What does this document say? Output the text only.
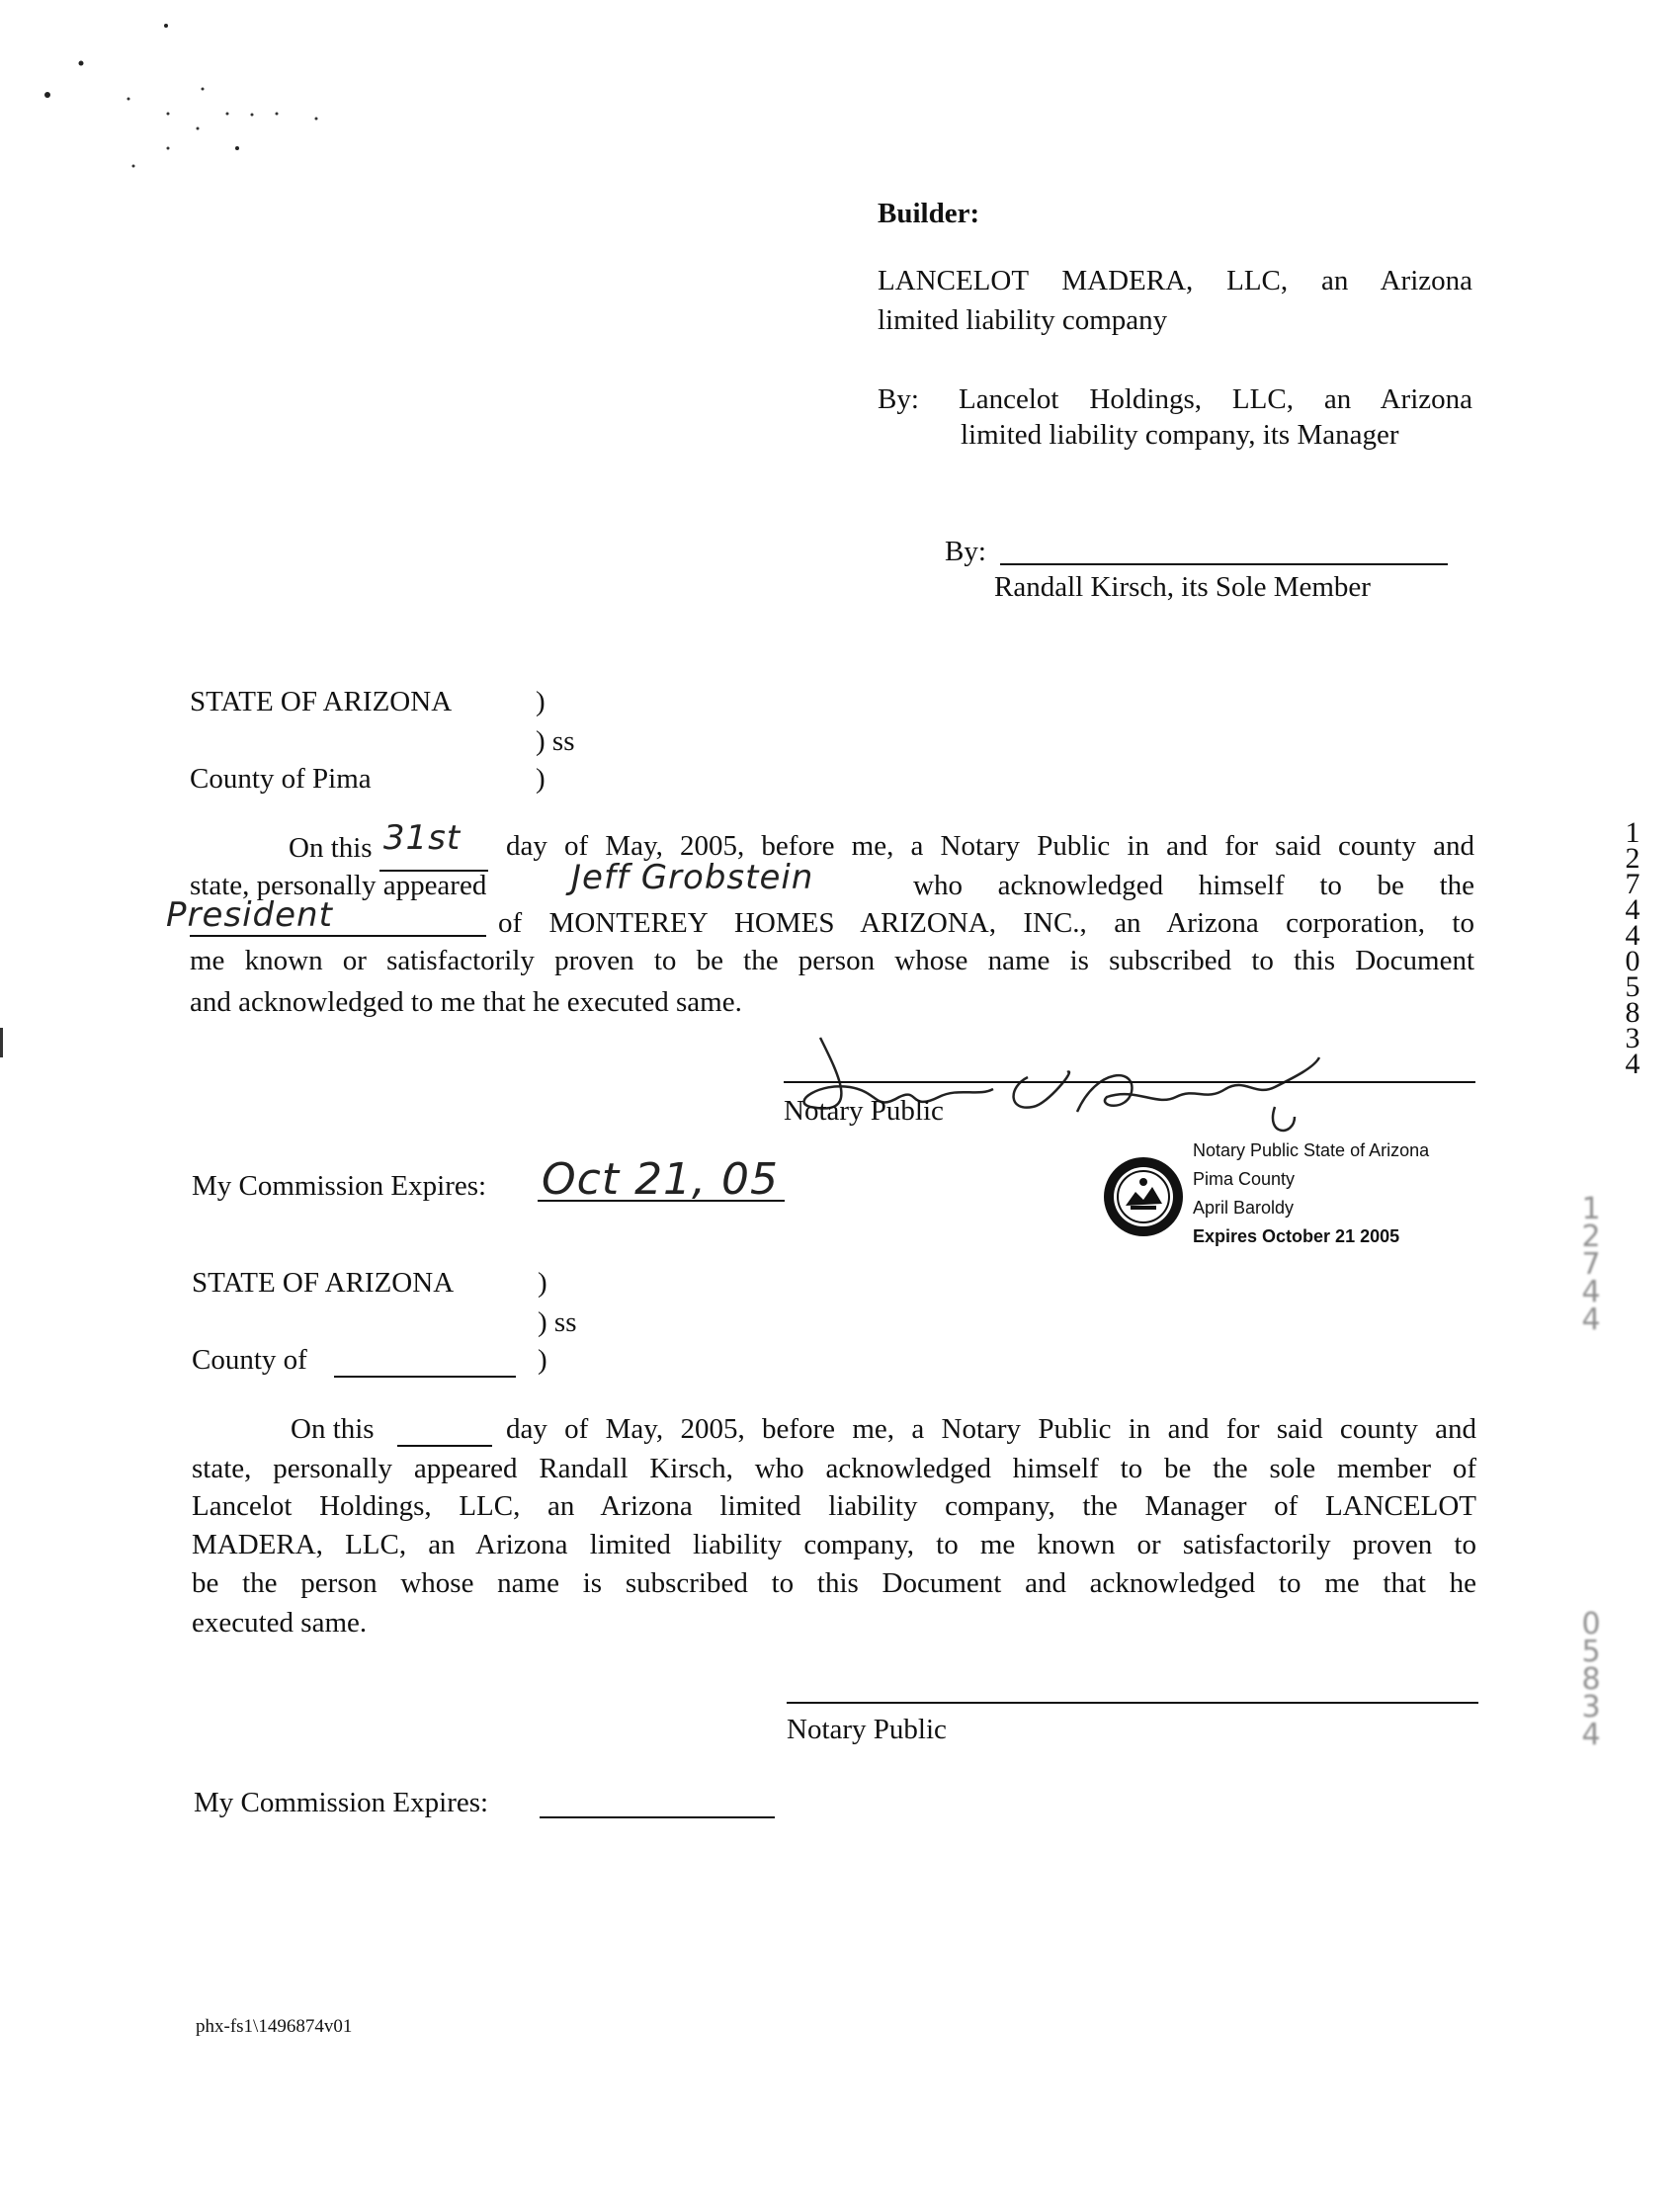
Builder:
LANCELOT MADERA, LLC, an Arizona
limited liability company
By: Lancelot Holdings, LLC, an Arizona
limited liability company, its Manager
By:
Randall Kirsch, its Sole Member
STATE OF ARIZONA	)
) ss
County of Pima	)
On this 31st	day of May, 2005, before me, a Notary Public in and for said county and
state, personally appeared	Jeff Grobstein	who acknowledged himself to be the
President	of MONTEREY HOMES ARIZONA, INC., an Arizona corporation, to
me known or satisfactorily proven to be the person whose name is subscribed to this Document
and acknowledged to me that he executed same.
Notary Public
My Commission Expires: Oct 21, 05
Notary Public State of Arizona
Pima County
April Baroldy
Expires October 21 2005
STATE OF ARIZONA	)
) ss
County of	)
On this	day of May, 2005, before me, a Notary Public in and for said county and
state, personally appeared Randall Kirsch, who acknowledged himself to be the sole member of
Lancelot Holdings, LLC, an Arizona limited liability company, the Manager of LANCELOT
MADERA, LLC, an Arizona limited liability company, to me known or satisfactorily proven to
be the person whose name is subscribed to this Document and acknowledged to me that he
executed same.
Notary Public
My Commission Expires:
phx-fs1\1496874v01
12744 05834
12744
05834
